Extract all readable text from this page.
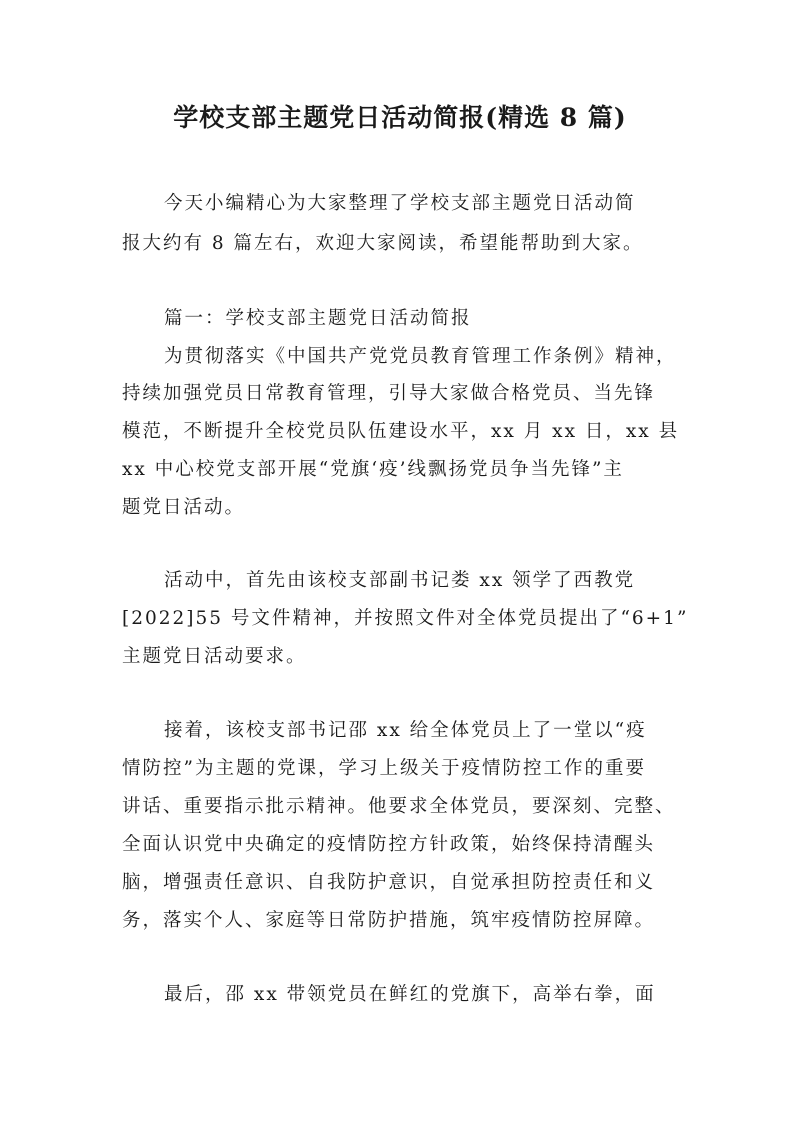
学校支部主题党日活动简报(精选 8 篇)
今天小编精心为大家整理了学校支部主题党日活动简
报大约有 8 篇左右，欢迎大家阅读，希望能帮助到大家。
篇一：学校支部主题党日活动简报
为贯彻落实《中国共产党党员教育管理工作条例》精神，
持续加强党员日常教育管理，引导大家做合格党员、当先锋
模范，不断提升全校党员队伍建设水平，xx 月 xx 日，xx 县
xx 中心校党支部开展“党旗‘疫’线飘扬党员争当先锋”主
题党日活动。
活动中，首先由该校支部副书记娄 xx 领学了西教党
[2022]55 号文件精神，并按照文件对全体党员提出了“6+1”
主题党日活动要求。
接着，该校支部书记邵 xx 给全体党员上了一堂以“疫
情防控”为主题的党课，学习上级关于疫情防控工作的重要
讲话、重要指示批示精神。他要求全体党员，要深刻、完整、
全面认识党中央确定的疫情防控方针政策，始终保持清醒头
脑，增强责任意识、自我防护意识，自觉承担防控责任和义
务，落实个人、家庭等日常防护措施，筑牢疫情防控屏障。
最后，邵 xx 带领党员在鲜红的党旗下，高举右拳，面
